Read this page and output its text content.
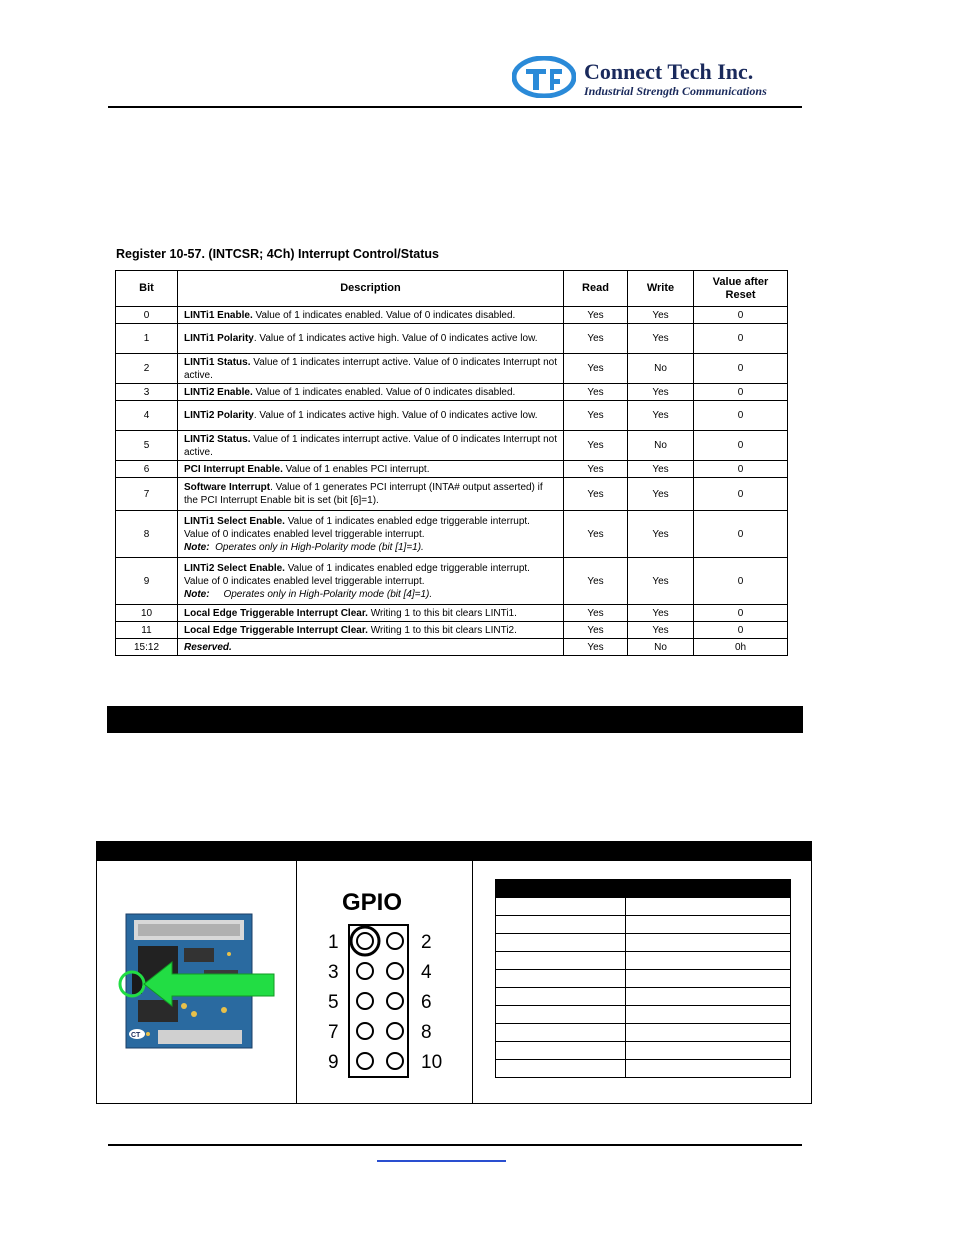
Connect Tech Inc.
Industrial Strength Communications
Register 10-57. (INTCSR; 4Ch) Interrupt Control/Status
Bit	Description	Read	Write	Value after Reset
0	LINTi1 Enable. Value of 1 indicates enabled. Value of 0 indicates disabled.	Yes	Yes	0
1	LINTi1 Polarity. Value of 1 indicates active high. Value of 0 indicates active low.	Yes	Yes	0
2	LINTi1 Status. Value of 1 indicates interrupt active. Value of 0 indicates Interrupt not active.	Yes	No	0
3	LINTi2 Enable. Value of 1 indicates enabled. Value of 0 indicates disabled.	Yes	Yes	0
4	LINTi2 Polarity. Value of 1 indicates active high. Value of 0 indicates active low.	Yes	Yes	0
5	LINTi2 Status. Value of 1 indicates interrupt active. Value of 0 indicates Interrupt not active.	Yes	No	0
6	PCI Interrupt Enable. Value of 1 enables PCI interrupt.	Yes	Yes	0
7	Software Interrupt. Value of 1 generates PCI interrupt (INTA# output asserted) if the PCI Interrupt Enable bit is set (bit [6]=1).	Yes	Yes	0
8	LINTi1 Select Enable. Value of 1 indicates enabled edge triggerable interrupt. Value of 0 indicates enabled level triggerable interrupt.
Note:  Operates only in High-Polarity mode (bit [1]=1).	Yes	Yes	0
9	LINTi2 Select Enable. Value of 1 indicates enabled edge triggerable interrupt. Value of 0 indicates enabled level triggerable interrupt.
Note:     Operates only in High-Polarity mode (bit [4]=1).	Yes	Yes	0
10	Local Edge Triggerable Interrupt Clear. Writing 1 to this bit clears LINTi1.	Yes	Yes	0
11	Local Edge Triggerable Interrupt Clear. Writing 1 to this bit clears LINTi2.	Yes	Yes	0
15:12	Reserved.	Yes	No	0h
CT
GPIO
1	2
3	4
5	6
7	8
9	10
